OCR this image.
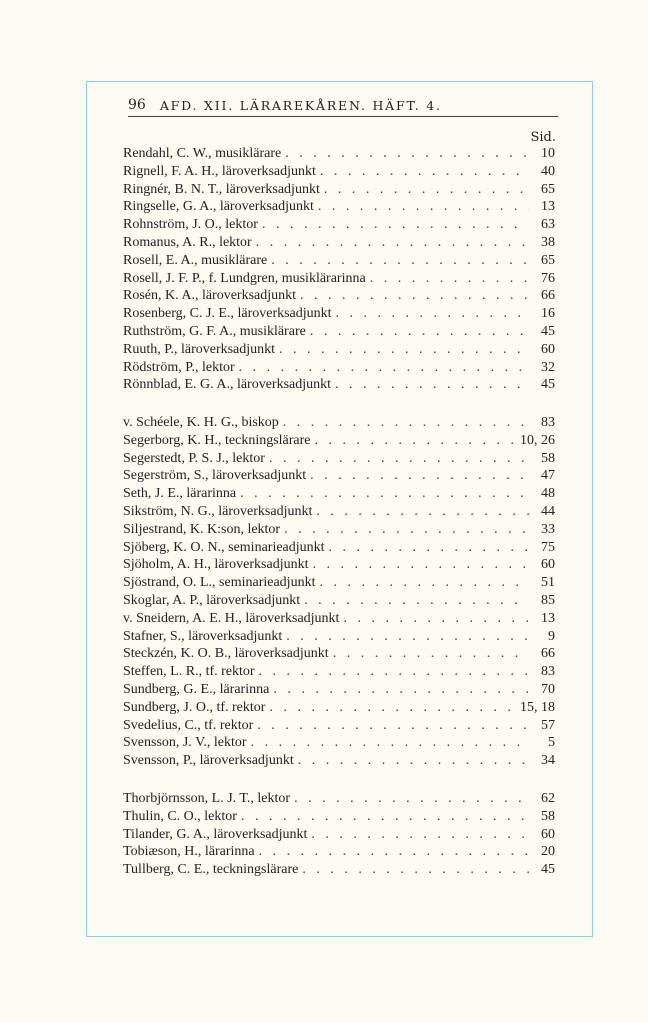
96 AFD. XII. LÄRAREKÅREN. HÄFT. 4.
Sid.
Rendahl, C. W., musiklärare . . .	10
Rignell, F. A. H., läroverksadjunkt . . .	40
Ringnér, B. N. T., läroverksadjunkt . . .	65
Ringselle, G. A., läroverksadjunkt . . .	13
Rohnström, J. O., lektor . . .	63
Romanus, A. R., lektor . . .	38
Rosell, E. A., musiklärare . . .	65
Rosell, J. F. P., f. Lundgren, musiklärarinna . . .	76
Rosén, K. A., läroverksadjunkt . . .	66
Rosenberg, C. J. E., läroverksadjunkt . . .	16
Ruthström, G. F. A., musiklärare . . .	45
Ruuth, P., läroverksadjunkt . . .	60
Rödström, P., lektor . . .	32
Rönnblad, E. G. A., läroverksadjunkt . . .	45
v. Schéele, K. H. G., biskop . . .	83
Segerborg, K. H., teckningslärare . . .	10, 26
Segerstedt, P. S. J., lektor . . .	58
Segerström, S., läroverksadjunkt . . .	47
Seth, J. E., lärarinna . . .	48
Sikström, N. G., läroverksadjunkt . . .	44
Siljestrand, K. K:son, lektor . . .	33
Sjöberg, K. O. N., seminarieadjunkt . . .	75
Sjöholm, A. H., läroverksadjunkt . . .	60
Sjöstrand, O. L., seminarieadjunkt . . .	51
Skoglar, A. P., läroverksadjunkt . . .	85
v. Sneidern, A. E. H., läroverksadjunkt . . .	13
Stafner, S., läroverksadjunkt . . .	9
Steckzén, K. O. B., läroverksadjunkt . . .	66
Steffen, L. R., tf. rektor . . .	83
Sundberg, G. E., lärarinna . . .	70
Sundberg, J. O., tf. rektor . . .	15, 18
Svedelius, C., tf. rektor . . .	57
Svensson, J. V., lektor . . .	5
Svensson, P., läroverksadjunkt . . .	34
Thorbjörnsson, L. J. T., lektor . . .	62
Thulin, C. O., lektor . . .	58
Tilander, G. A., läroverksadjunkt . . .	60
Tobiæson, H., lärarinna . . .	20
Tullberg, C. E., teckningslärare . . .	45
